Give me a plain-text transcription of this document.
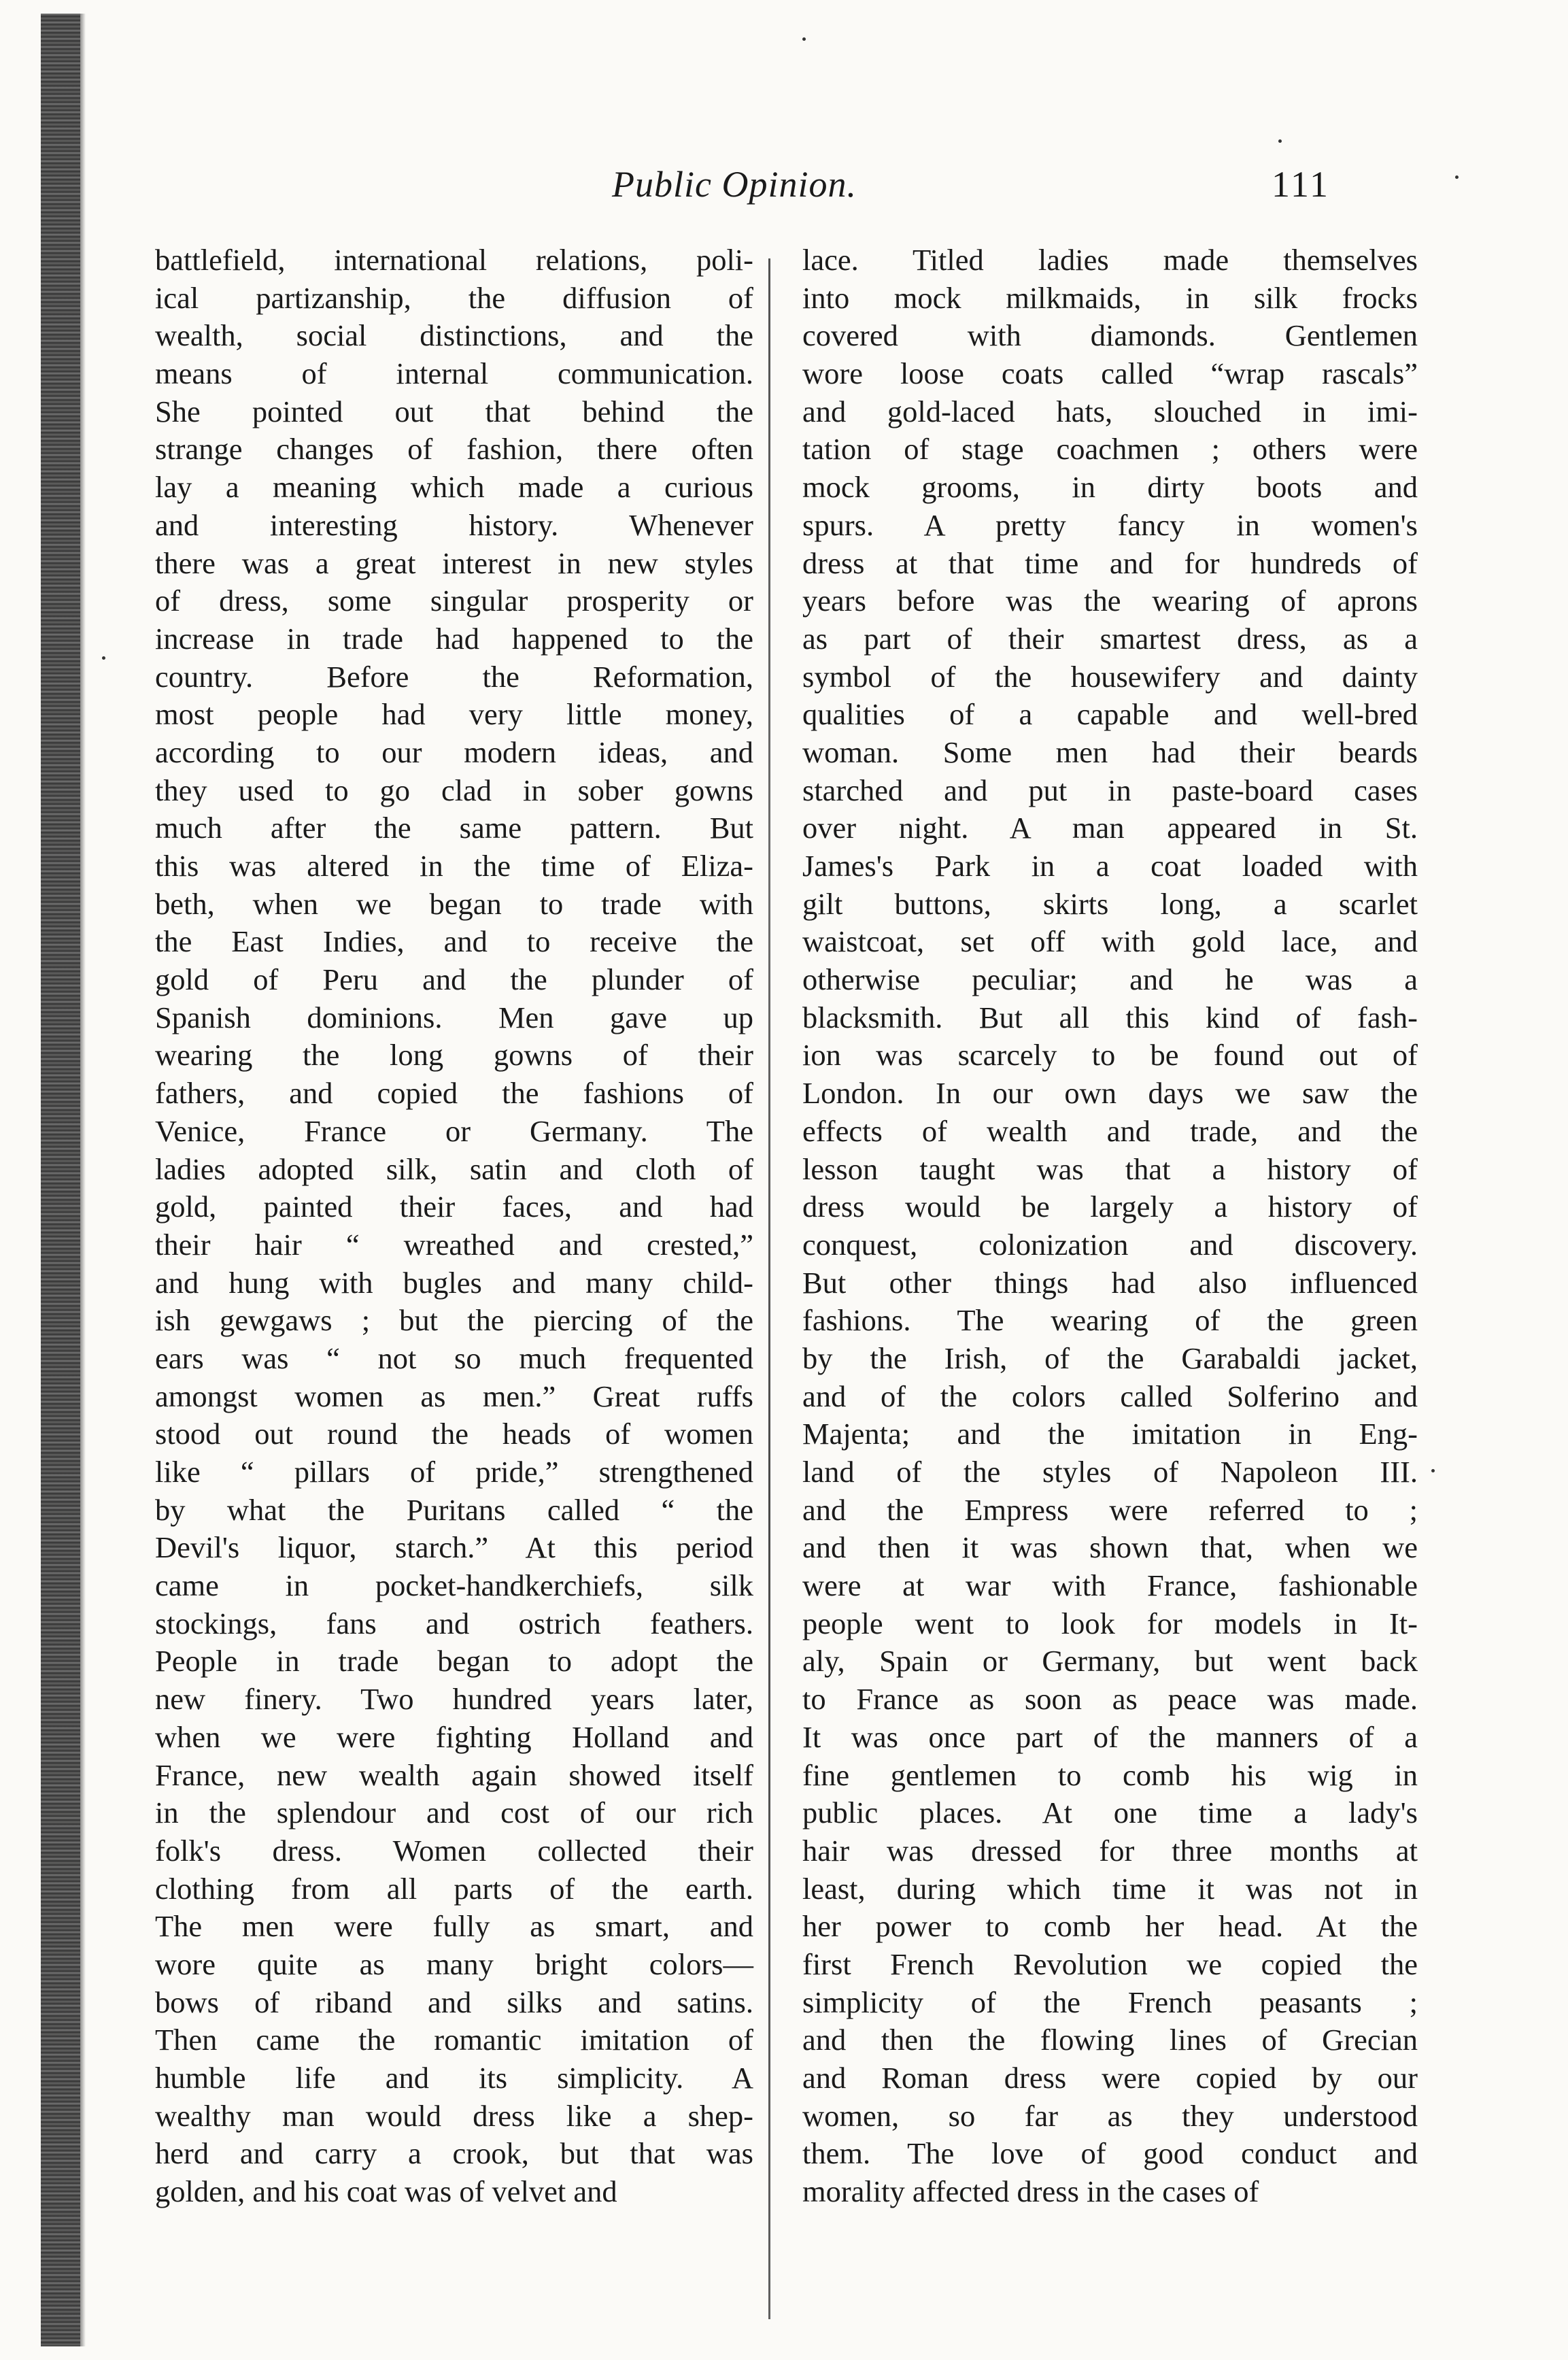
Public Opinion.	111
battlefield, international relations, poli-
ical partizanship, the diffusion of
wealth, social distinctions, and the
means of internal communication.
She pointed out that behind the
strange changes of fashion, there often
lay a meaning which made a curious
and interesting history. Whenever
there was a great interest in new styles
of dress, some singular prosperity or
increase in trade had happened to the
country. Before the Reformation,
most people had very little money,
according to our modern ideas, and
they used to go clad in sober gowns
much after the same pattern. But
this was altered in the time of Eliza-
beth, when we began to trade with
the East Indies, and to receive the
gold of Peru and the plunder of
Spanish dominions. Men gave up
wearing the long gowns of their
fathers, and copied the fashions of
Venice, France or Germany. The
ladies adopted silk, satin and cloth of
gold, painted their faces, and had
their hair “ wreathed and crested,”
and hung with bugles and many child-
ish gewgaws ; but the piercing of the
ears was “ not so much frequented
amongst women as men.” Great ruffs
stood out round the heads of women
like “ pillars of pride,” strengthened
by what the Puritans called “ the
Devil's liquor, starch.” At this period
came in pocket-handkerchiefs, silk
stockings, fans and ostrich feathers.
People in trade began to adopt the
new finery. Two hundred years later,
when we were fighting Holland and
France, new wealth again showed itself
in the splendour and cost of our rich
folk's dress. Women collected their
clothing from all parts of the earth.
The men were fully as smart, and
wore quite as many bright colors—
bows of riband and silks and satins.
Then came the romantic imitation of
humble life and its simplicity. A
wealthy man would dress like a shep-
herd and carry a crook, but that was
golden, and his coat was of velvet and
lace. Titled ladies made themselves
into mock milkmaids, in silk frocks
covered with diamonds. Gentlemen
wore loose coats called “wrap rascals”
and gold-laced hats, slouched in imi-
tation of stage coachmen ; others were
mock grooms, in dirty boots and
spurs. A pretty fancy in women's
dress at that time and for hundreds of
years before was the wearing of aprons
as part of their smartest dress, as a
symbol of the housewifery and dainty
qualities of a capable and well-bred
woman. Some men had their beards
starched and put in paste-board cases
over night. A man appeared in St.
James's Park in a coat loaded with
gilt buttons, skirts long, a scarlet
waistcoat, set off with gold lace, and
otherwise peculiar; and he was a
blacksmith. But all this kind of fash-
ion was scarcely to be found out of
London. In our own days we saw the
effects of wealth and trade, and the
lesson taught was that a history of
dress would be largely a history of
conquest, colonization and discovery.
But other things had also influenced
fashions. The wearing of the green
by the Irish, of the Garabaldi jacket,
and of the colors called Solferino and
Majenta; and the imitation in Eng-
land of the styles of Napoleon III.
and the Empress were referred to ;
and then it was shown that, when we
were at war with France, fashionable
people went to look for models in It-
aly, Spain or Germany, but went back
to France as soon as peace was made.
It was once part of the manners of a
fine gentlemen to comb his wig in
public places. At one time a lady's
hair was dressed for three months at
least, during which time it was not in
her power to comb her head. At the
first French Revolution we copied the
simplicity of the French peasants ;
and then the flowing lines of Grecian
and Roman dress were copied by our
women, so far as they understood
them. The love of good conduct and
morality affected dress in the cases of
